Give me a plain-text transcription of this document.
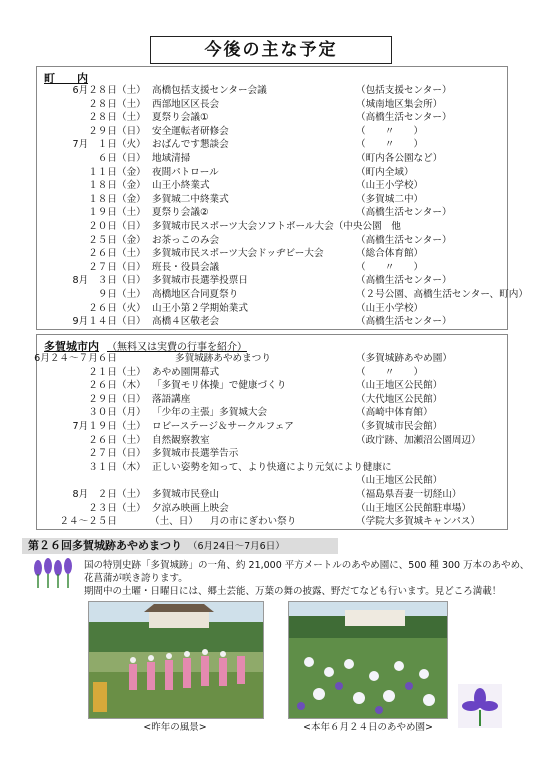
今後の主な予定
町　　内
6月２８日 （土） 高橋包括支援センター会議	（包括支援センター）
２８日 （土） 西部地区区長会	（城南地区集会所）
２８日 （土） 夏祭り会議①	（高橋生活センター）
２９日 （日） 安全運転者研修会	（　　〃　　）
7月　１日 （火） おばんです懇談会	（　　〃　　）
６日 （日） 地域清掃	（町内各公園など）
１１日 （金） 夜間パトロール	（町内全域）
１８日 （金） 山王小終業式	（山王小学校）
１８日 （金） 多賀城二中終業式	（多賀城二中）
１９日 （土） 夏祭り会議②	（高橋生活センター）
２０日 （日） 多賀城市民スポーツ大会ソフトボール大会（中央公園　他
２５日 （金） お茶っこのみ会	（高橋生活センター）
２６日 （土） 多賀城市民スポーツ大会ドッヂビー大会	（総合体育館）
２７日 （日） 班長・役員会議	（　　〃　　）
8月　３日 （日） 多賀城市長選挙投票日	（高橋生活センター）
９日 （土） 高橋地区合同夏祭り	（２号公園、高橋生活センター、町内）
２６日 （火） 山王小第２学期始業式	（山王小学校）
9月１４日 （日） 高橋４区敬老会	（高橋生活センター）
多賀城市内 （無料又は実費の行事を紹介）
6月２４～７月６日	多賀城跡あやめまつり	（多賀城跡あやめ園）
２１日 （土） あやめ園開幕式	（　　〃　　）
２６日 （木） 「多賀モリ体操」で健康づくり	（山王地区公民館）
２９日 （日） 落語講座	（大代地区公民館）
３０日 （月） 「少年の主張」多賀城大会	（高崎中体育館）
7月１９日 （土） ロビーステージ＆サークルフェア	（多賀城市民会館）
２６日 （土） 自然観察教室	（政庁跡、加瀬沼公園周辺）
２７日 （日） 多賀城市長選挙告示
３１日 （木） 正しい姿勢を知って、より快適により元気により健康に
（山王地区公民館）
8月　２日 （土） 多賀城市民登山	（福島県吾妻一切経山）
２３日 （土） 夕涼み映画上映会	（山王地区公民館駐車場）
２４～２５日	（土、日） 月の市にぎわい祭り	（学院大多賀城キャンパス）
第２６回多賀城跡あやめまつり （6月24日～7月6日）
国の特別史跡「多賀城跡」の一角、約 21,000 平方メートルのあやめ園に、500 種 300 万本のあやめ、
花菖蒲が咲き誇ります。
期間中の土曜・日曜日には、郷土芸能、万葉の舞の披露、野だてなども行います。見どころ満載！
<昨年の風景>	<本年６月２４日のあやめ園>
